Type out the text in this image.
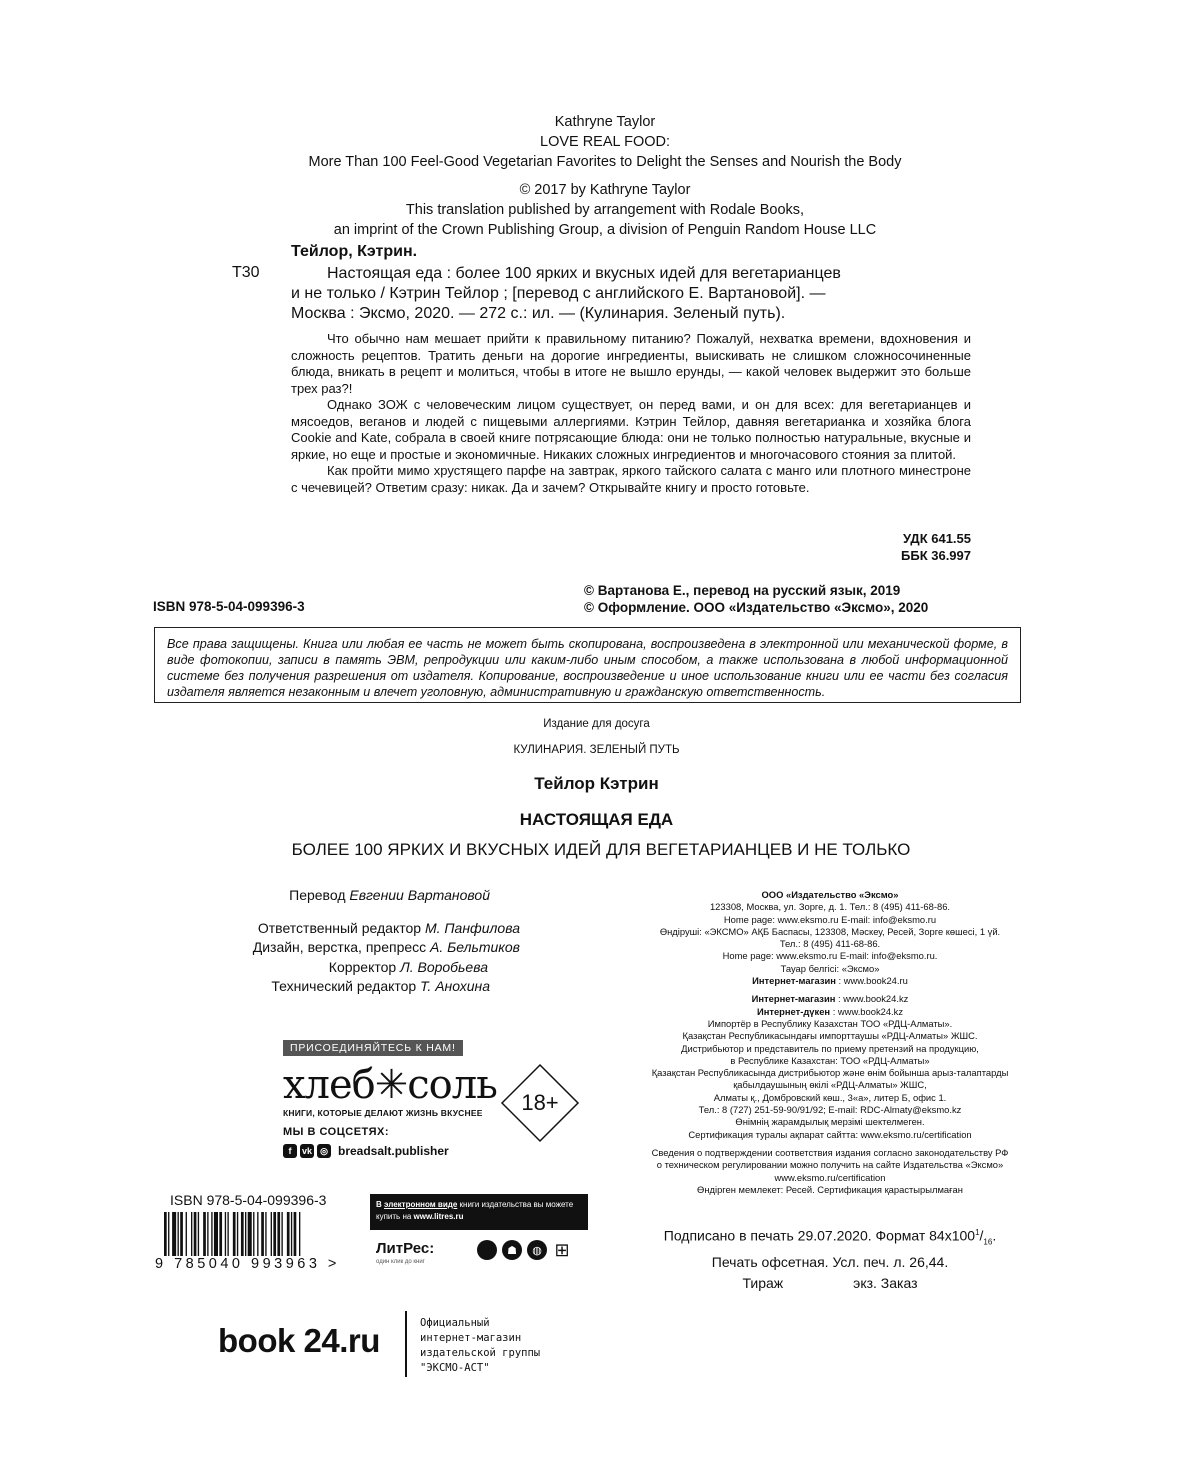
Kathryne Taylor
LOVE REAL FOOD:
More Than 100 Feel-Good Vegetarian Favorites to Delight the Senses and Nourish the Body
© 2017 by Kathryne Taylor
This translation published by arrangement with Rodale Books,
an imprint of the Crown Publishing Group, a division of Penguin Random House LLC
Тейлор, Кэтрин.
Т30	Настоящая еда : более 100 ярких и вкусных идей для вегетарианцев
и не только / Кэтрин Тейлор ; [перевод с английского Е. Вартановой]. —
Москва : Эксмо, 2020. — 272 с.: ил. — (Кулинария. Зеленый путь).

Что обычно нам мешает прийти к правильному питанию? Пожалуй, нехватка времени, вдохновения и сложность рецептов. Тратить деньги на дорогие ингредиенты, выискивать не слишком сложносочиненные блюда, вникать в рецепт и молиться, чтобы в итоге не вышло ерунды, — какой человек выдержит это больше трех раз?!

Однако ЗОЖ с человеческим лицом существует, он перед вами, и он для всех: для вегетарианцев и мясоедов, веганов и людей с пищевыми аллергиями. Кэтрин Тейлор, давняя вегетарианка и хозяйка блога Cookie and Kate, собрала в своей книге потрясающие блюда: они не только полностью натуральные, вкусные и яркие, но еще и простые и экономичные. Никаких сложных ингредиентов и многочасового стояния за плитой.

Как пройти мимо хрустящего парфе на завтрак, яркого тайского салата с манго или плотного минестроне с чечевицей? Ответим сразу: никак. Да и зачем? Открывайте книгу и просто готовьте.

УДК 641.55
ББК 36.997
ISBN 978-5-04-099396-3
© Вартанова Е., перевод на русский язык, 2019
© Оформление. ООО «Издательство «Эксмо», 2020
Все права защищены. Книга или любая ее часть не может быть скопирована, воспроизведена в электронной или механической форме, в виде фотокопии, записи в память ЭВМ, репродукции или каким-либо иным способом, а также использована в любой информационной системе без получения разрешения от издателя. Копирование, воспроизведение и иное использование книги или ее части без согласия издателя является незаконным и влечет уголовную, административную и гражданскую ответственность.
Издание для досуга
КУЛИНАРИЯ. ЗЕЛЕНЫЙ ПУТЬ
Тейлор Кэтрин
НАСТОЯЩАЯ ЕДА
БОЛЕЕ 100 ЯРКИХ И ВКУСНЫХ ИДЕЙ ДЛЯ ВЕГЕТАРИАНЦЕВ И НЕ ТОЛЬКО
Перевод Евгении Вартановой
Ответственный редактор М. Панфилова
Дизайн, верстка, препресс А. Бельтиков
Корректор Л. Воробьева
Технический редактор Т. Анохина
ООО «Издательство «Эксмо»
123308, Москва, ул. Зорге, д. 1. Тел.: 8 (495) 411-68-86.
Home page: www.eksmo.ru E-mail: info@eksmo.ru
Өндіруші: «ЭКСМО» АҚБ Баспасы, 123308, Мәскеу, Ресей, Зорге көшесі, 1 үй.
Тел.: 8 (495) 411-68-86.
Home page: www.eksmo.ru E-mail: info@eksmo.ru.
Тауар белгісі: «Эксмо»
Интернет-магазин : www.book24.ru
Интернет-магазин : www.book24.kz
Интернет-дүкен : www.book24.kz
Импортёр в Республику Казахстан ТОО «РДЦ-Алматы».
Қазақстан Республикасындағы импорттаушы «РДЦ-Алматы» ЖШС.
Дистрибьютор и представитель по приему претензий на продукцию,
в Республике Казахстан: ТОО «РДЦ-Алматы»
Қазақстан Республикасында дистрибьютор және өнім бойынша арыз-талаптарды
қабылдаушының өкілі «РДЦ-Алматы» ЖШС,
Алматы қ., Домбровский көш., 3«а», литер Б, офис 1.
Тел.: 8 (727) 251-59-90/91/92; E-mail: RDC-Almaty@eksmo.kz
Өнімнің жарамдылық мерзімі шектелмеген.
Сертификация туралы ақпарат сайтта: www.eksmo.ru/certification
Сведения о подтверждении соответствия издания согласно законодательству РФ
о техническом регулировании можно получить на сайте Издательства «Эксмо»
www.eksmo.ru/certification
Өндірген мемлекет: Ресей. Сертификация қарастырылмаған
Подписано в печать 29.07.2020. Формат $84x100^1/_{16}$.
Печать офсетная. Усл. печ. л. 26,44.
Тираж	экз. Заказ
ПРИСОЕДИНЯЙТЕСЬ К НАМ!
хлеб✳соль
КНИГИ, КОТОРЫЕ ДЕЛАЮТ ЖИЗНЬ ВКУСНЕЕ
МЫ В СОЦСЕТЯХ:
f	vk ◎ breadsalt.publisher
18+
ISBN 978-5-04-099396-3
9 785040 993963 >
В электронном виде книги издательства вы можете купить на www.litres.ru
ЛитРес:
один клик до книг
☗	◍ ⊞
book 24.ru	Официальный
интернет-магазин
издательской группы
"ЭКСМО-АСТ"
